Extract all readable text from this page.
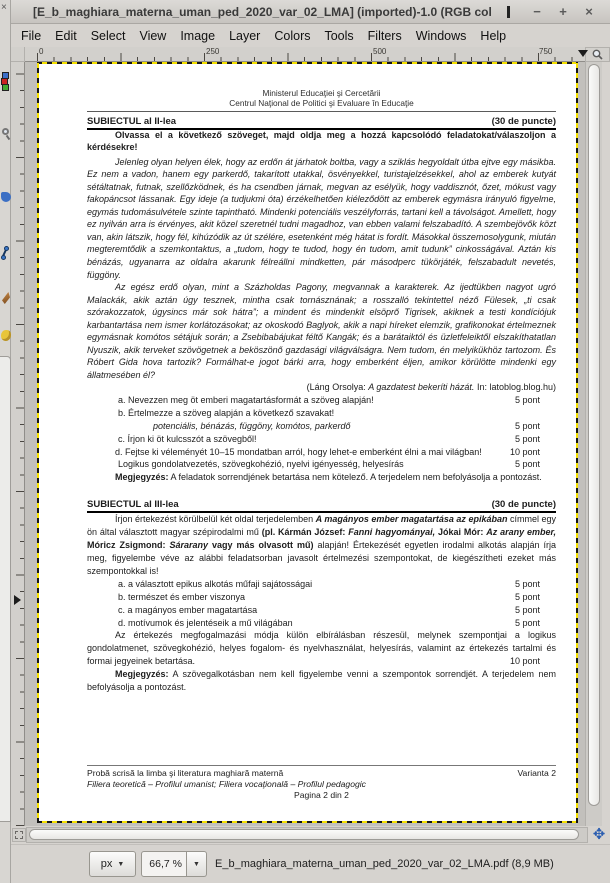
× [E_b_maghiara_materna_uman_ped_2020_var_02_LMA] (imported)-1.0 (RGB col	−	+	×
File	Edit	Select	View	Image	Layer	Colors	Tools	Filters	Windows	Help
0	250	500	750
Ministerul Educaţiei şi Cercetării
Centrul Naţional de Politici şi Evaluare în Educaţie
SUBIECTUL al II-lea	(30 de puncte)

Olvassa el a következő szöveget, majd oldja meg a hozzá kapcsolódó feladatokat/válaszoljon a kérdésekre!

Jelenleg olyan helyen élek, hogy az erdőn át járhatok boltba, vagy a sziklás hegyoldalt útba ejtve egy másikba. Ez nem a vadon, hanem egy parkerdő, takarított utakkal, ösvényekkel, turistajelzésekkel, ahol az emberek kutyát sétáltatnak, futnak, szellőzködnek, és ha csendben járnak, megvan az esélyük, hogy vaddisznót, őzet, mókust vagy fakopáncsot lássanak. Egy ideje (a tudjukmi óta) érzékelhetően kiéleződött az emberek egymásra irányuló figyelme, egymás tudomásulvétele szinte tapintható. Mindenki potenciális veszélyforrás, tartani kell a távolságot. Amellett, hogy ez nyilván arra is érvényes, akit közel szeretnél tudni magadhoz, van ebben valami felszabadító. A szembejövők közt van, akin látszik, hogy fél, kihúzódik az út szélére, esetenként még hátat is fordít. Másokkal összemosolygunk, miután megteremtődik a szemkontaktus, a „tudom, hogy te tudod, hogy én tudom, amit tudunk” cinkosságával. Aztán kis bénázás, ugyanarra az oldalra akarunk félreállni mindketten, pár másodperc tükörjáték, felszabadult nevetés, függöny.

Az egész erdő olyan, mint a Százholdas Pagony, megvannak a karakterek. Az ijedtükben nagyot ugró Malackák, akik aztán úgy tesznek, mintha csak tornásznának; a rosszalló tekintettel néző Fülesek, „ti csak szórakozzatok, úgysincs már sok hátra”; a mindent és mindenkit elsöprő Tigrisek, akiknek a testi kondíciójuk karbantartása nem ismer korlátozásokat; az okoskodó Baglyok, akik a napi híreket elemzik, grafikonokat értelmeznek egymásnak komótos sétájuk során; a Zsebibabájukat féltő Kangák; és a barátaiktól és üzletfeleiktől elszakíthatatlan Nyuszik, akik terveket szövögetnek a beköszönő gazdasági világválságra. Nem tudom, én melyikükhöz tartozom. És Róbert Gida hova tartozik? Formálhat-e jogot bárki arra, hogy emberként éljen, amikor körülötte mindenki egy állatmesében él?

(Láng Orsolya: A gazdatest bekeríti házát. In: latoblog.blog.hu)

a. Nevezzen meg öt emberi magatartásformát a szöveg alapján!	5 pont
b. Értelmezze a szöveg alapján a következő szavakat!
potenciális, bénázás, függöny, komótos, parkerdő	5 pont
c. Írjon ki öt kulcsszót a szövegből!	5 pont

d. Fejtse ki véleményét 10–15 mondatban arról, hogy lehet-e emberként élni a mai világban!	10 pont

Logikus gondolatvezetés, szövegkohézió, nyelvi igényesség, helyesírás	5 pont

Megjegyzés: A feladatok sorrendjének betartása nem kötelező. A terjedelem nem befolyásolja a pontozást.

SUBIECTUL al III-lea	(30 de puncte)

Írjon értekezést körülbelül két oldal terjedelemben A magányos ember magatartása az epikában címmel egy ön által választott magyar szépirodalmi mű (pl. Kármán József: Fanni hagyományai, Jókai Mór: Az arany ember, Móricz Zsigmond: Sárarany vagy más olvasott mű) alapján! Értekezését egyetlen irodalmi alkotás alapján írja meg, figyelembe véve az alábbi feladatsorban javasolt értelmezési szempontokat, de kiegészítheti ezeket más szempontokkal is!

a. a választott epikus alkotás műfaji sajátosságai	5 pont
b. természet és ember viszonya	5 pont
c. a magányos ember magatartása	5 pont
d. motívumok és jelentéseik a mű világában	5 pont

Az értekezés megfogalmazási módja külön elbírálásban részesül, melynek szempontjai a logikus gondolatmenet, szövegkohézió, helyes fogalom- és nyelvhasználat, helyesírás, valamint az értekezés tartalmi és formai jegyeinek betartása.	10 pont

Megjegyzés: A szövegalkotásban nem kell figyelembe venni a szempontok sorrendjét. A terjedelem nem befolyásolja a pontozást.

Probă scrisă la limba şi literatura maghiară maternă	Varianta 2
Filiera teoretică – Profilul umanist; Filiera vocaţională – Profilul pedagogic
Pagina 2 din 2
✥
px ▼ 66,7 % ▼ E_b_maghiara_materna_uman_ped_2020_var_02_LMA.pdf (8,9 MB)
